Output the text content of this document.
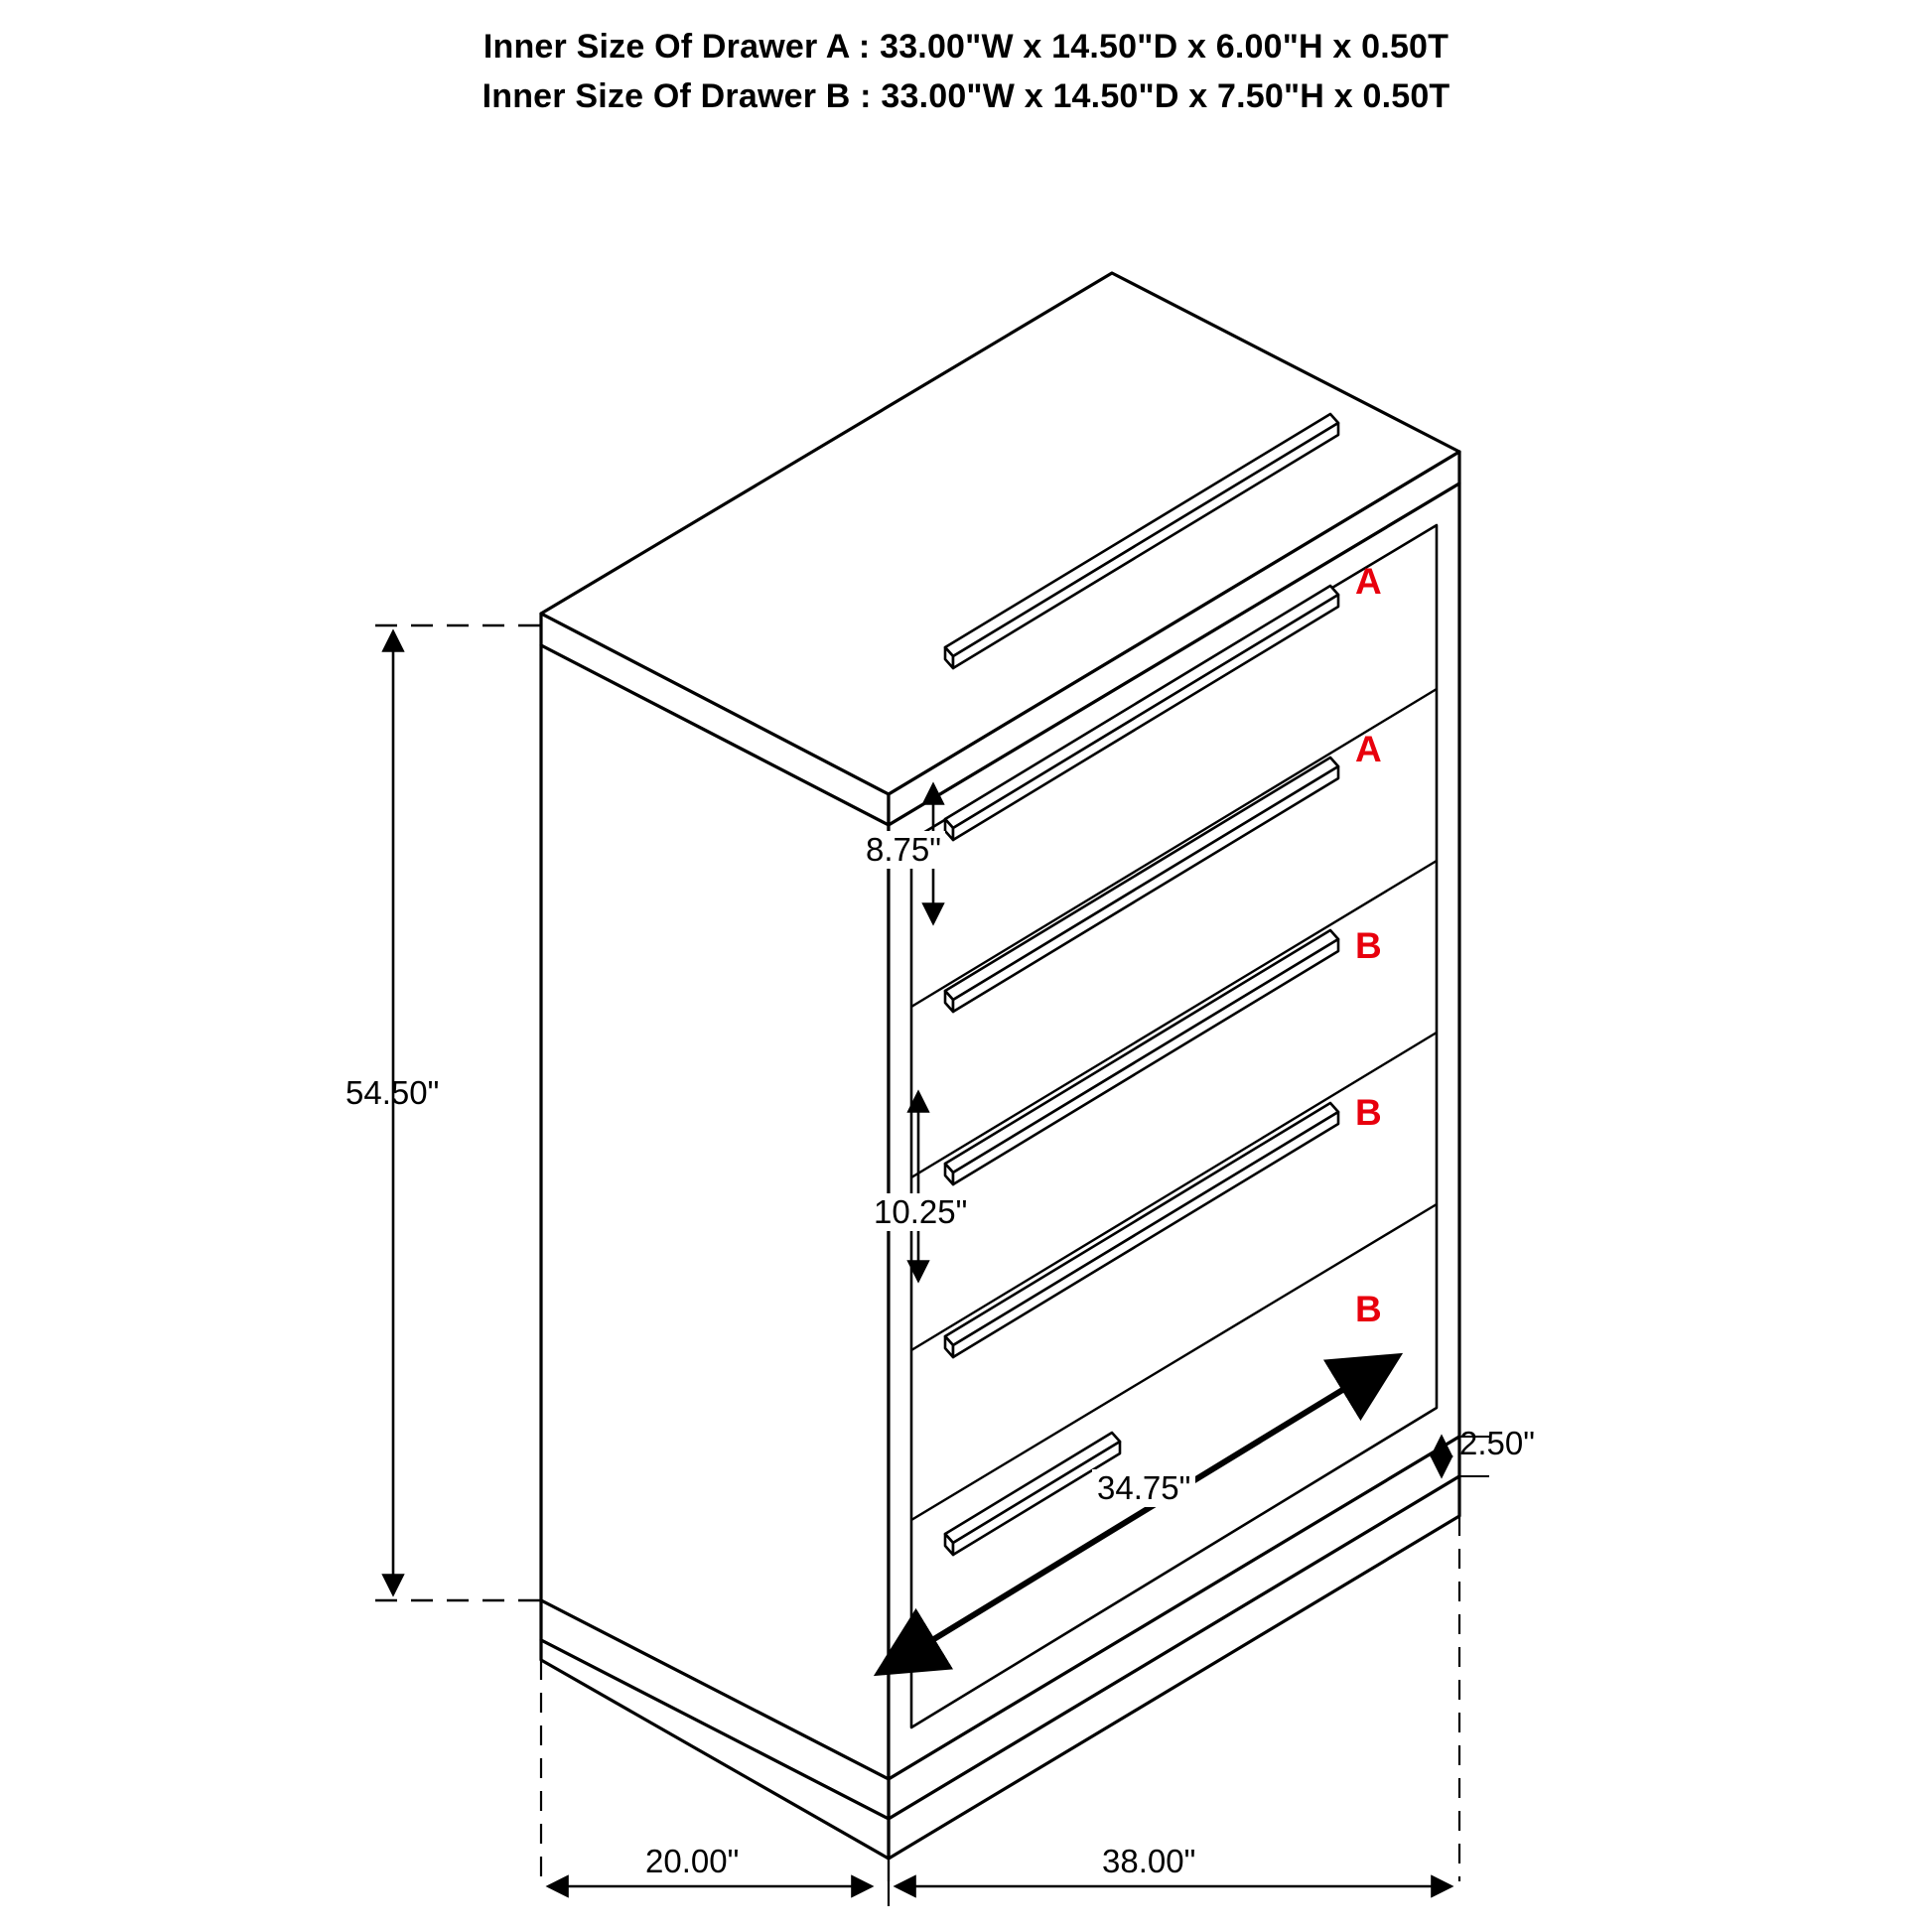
Inner Size Of Drawer A : 33.00"W x 14.50"D x 6.00"H x 0.50T
Inner Size Of Drawer B : 33.00"W x 14.50"D x 7.50"H x 0.50T
54.50"
8.75"
10.25"
2.50"
34.75"
20.00"	38.00"
A
A
B
B
B
